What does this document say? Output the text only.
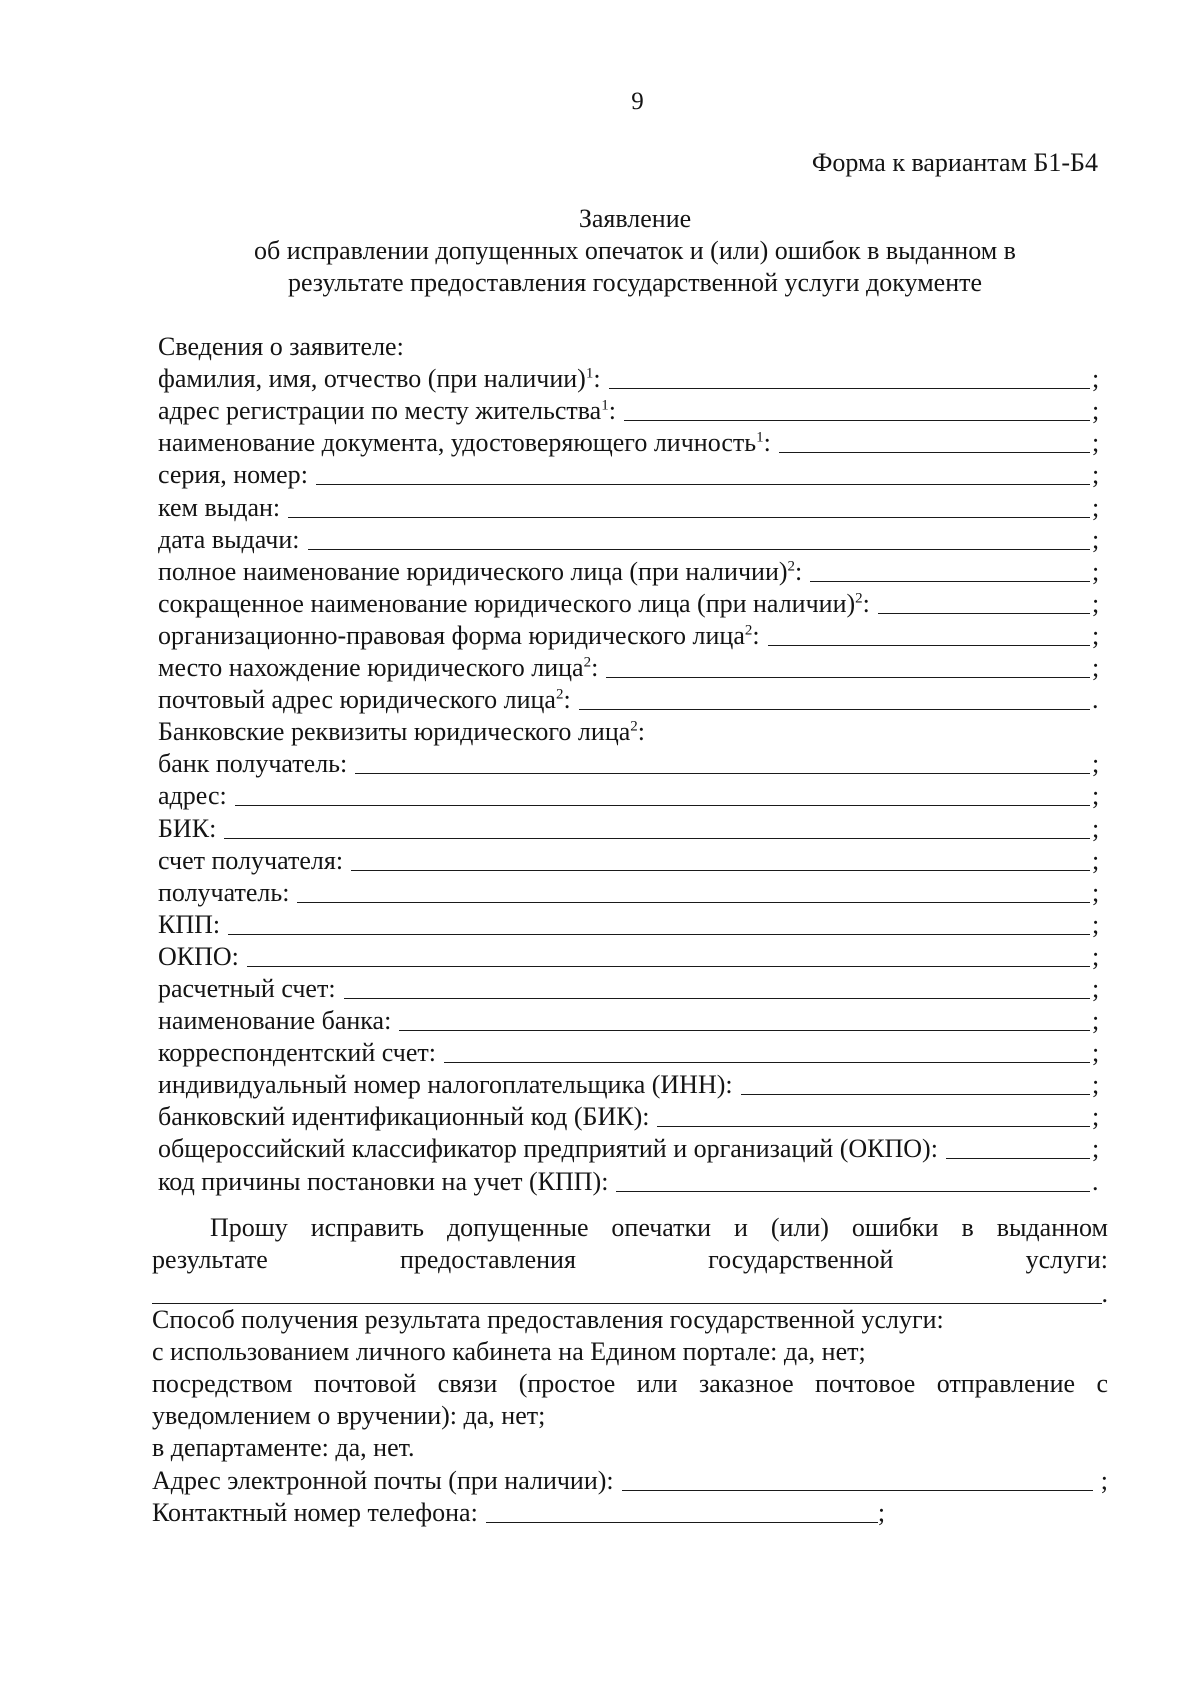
9
Форма к вариантам Б1-Б4
Заявление
об исправлении допущенных опечаток и (или) ошибок в выданном в
результате предоставления государственной услуги документе
Сведения о заявителе:
фамилия, имя, отчество (при наличии)$^1$:	;
адрес регистрации по месту жительства$^1$:	;
наименование документа, удостоверяющего личность$^1$:	;
серия, номер:	;
кем выдан:	;
дата выдачи:	;
полное наименование юридического лица (при наличии)$^2$:	;
сокращенное наименование юридического лица (при наличии)$^2$:	;
организационно-правовая форма юридического лица$^2$:	;
место нахождение юридического лица$^2$:	;
почтовый адрес юридического лица$^2$:	.
Банковские реквизиты юридического лица$^2$:
банк получатель:	;
адрес:	;
БИК:	;
счет получателя:	;
получатель:	;
КПП:	;
ОКПО:	;
расчетный счет:	;
наименование банка:	;
корреспондентский счет:	;
индивидуальный номер налогоплательщика (ИНН):	;
банковский идентификационный код (БИК):	;
общероссийский классификатор предприятий и организаций (ОКПО):	;
код причины постановки на учет (КПП):	.
Прошу исправить допущенные опечатки и (или) ошибки в выданном
результате	предоставления	государственной	услуги:
.
Способ получения результата предоставления государственной услуги:
с использованием личного кабинета на Едином портале: да, нет;
посредством почтовой связи (простое или заказное почтовое отправление с уведомлением о вручении): да, нет;
в департаменте: да, нет.
Адрес электронной почты (при наличии):	;
Контактный номер телефона:	;
